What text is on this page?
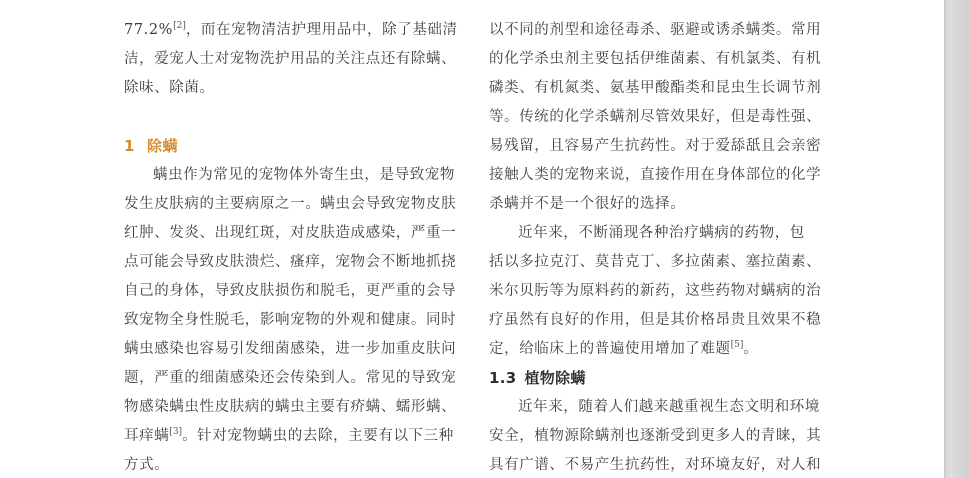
77.2%[2]，而在宠物清洁护理用品中，除了基础清
洁，爱宠人士对宠物洗护用品的关注点还有除螨、
除味、除菌。
1 除螨
螨虫作为常见的宠物体外寄生虫，是导致宠物
发生皮肤病的主要病原之一。螨虫会导致宠物皮肤
红肿、发炎、出现红斑，对皮肤造成感染，严重一
点可能会导致皮肤溃烂、瘙痒，宠物会不断地抓挠
自己的身体，导致皮肤损伤和脱毛，更严重的会导
致宠物全身性脱毛，影响宠物的外观和健康。同时
螨虫感染也容易引发细菌感染，进一步加重皮肤问
题，严重的细菌感染还会传染到人。常见的导致宠
物感染螨虫性皮肤病的螨虫主要有疥螨、蠕形螨、
耳痒螨[3]。针对宠物螨虫的去除，主要有以下三种
方式。
以不同的剂型和途径毒杀、驱避或诱杀螨类。常用
的化学杀虫剂主要包括伊维菌素、有机氯类、有机
磷类、有机氮类、氨基甲酸酯类和昆虫生长调节剂
等。传统的化学杀螨剂尽管效果好，但是毒性强、
易残留，且容易产生抗药性。对于爱舔舐且会亲密
接触人类的宠物来说，直接作用在身体部位的化学
杀螨并不是一个很好的选择。
近年来，不断涌现各种治疗螨病的药物，包
括以多拉克汀、莫昔克丁、多拉菌素、塞拉菌素、
米尔贝肟等为原料药的新药，这些药物对螨病的治
疗虽然有良好的作用，但是其价格昂贵且效果不稳
定，给临床上的普遍使用增加了难题[5]。
1.3 植物除螨
近年来，随着人们越来越重视生态文明和环境
安全，植物源除螨剂也逐渐受到更多人的青睐，其
具有广谱、不易产生抗药性，对环境友好，对人和
